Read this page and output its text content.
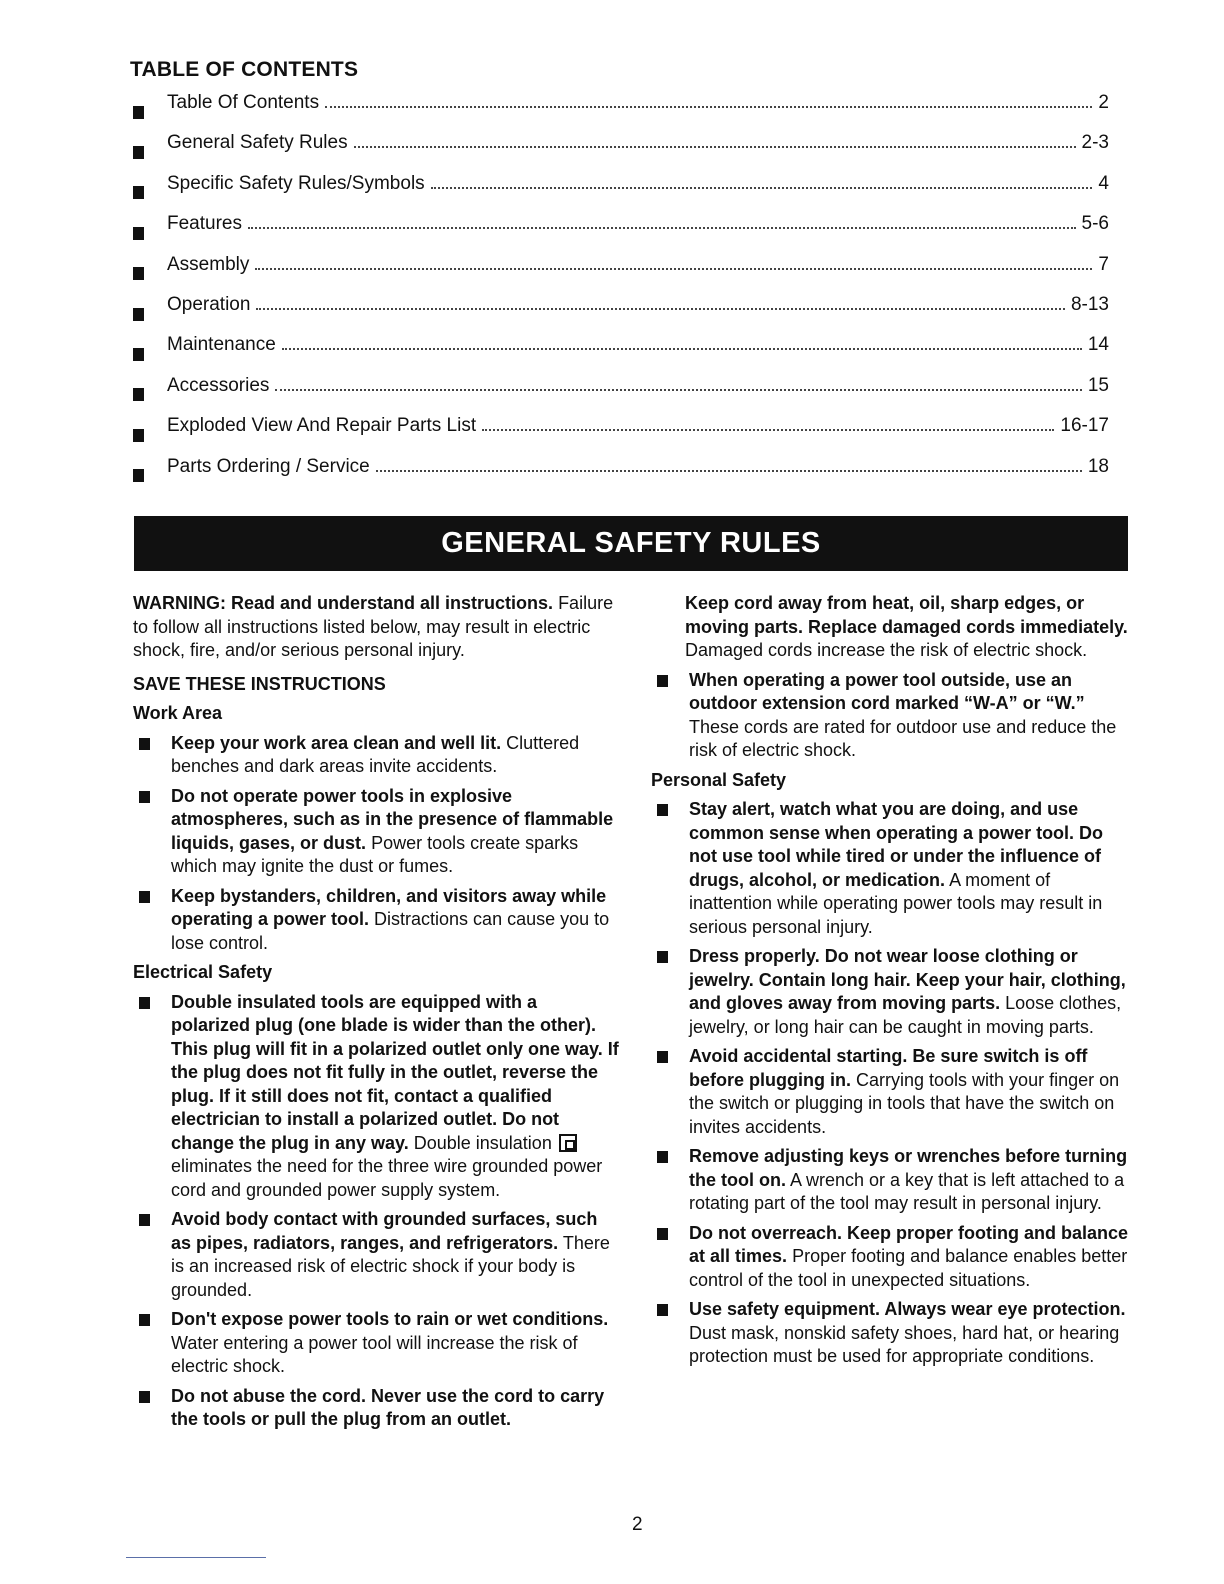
TABLE OF CONTENTS
Table Of Contents	2
General Safety Rules	2-3
Specific Safety Rules/Symbols	4
Features	5-6
Assembly	7
Operation	8-13
Maintenance	14
Accessories	15
Exploded View And Repair Parts List	16-17
Parts Ordering / Service	18
GENERAL SAFETY RULES

WARNING: Read and understand all instructions. Failure to follow all instructions listed below, may result in electric shock, fire, and/or serious personal injury.

SAVE THESE INSTRUCTIONS

Work Area

Keep your work area clean and well lit. Cluttered benches and dark areas invite accidents.
Do not operate power tools in explosive atmospheres, such as in the presence of flammable liquids, gases, or dust. Power tools create sparks which may ignite the dust or fumes.
Keep bystanders, children, and visitors away while operating a power tool. Distractions can cause you to lose control.

Electrical Safety

Double insulated tools are equipped with a polarized plug (one blade is wider than the other). This plug will fit in a polarized outlet only one way. If the plug does not fit fully in the outlet, reverse the plug. If it still does not fit, contact a qualified electrician to install a polarized outlet. Do not change the plug in any way. Double insulation  eliminates the need for the three wire grounded power cord and grounded power supply system.
Avoid body contact with grounded surfaces, such as pipes, radiators, ranges, and refrigerators. There is an increased risk of electric shock if your body is grounded.
Don't expose power tools to rain or wet conditions. Water entering a power tool will increase the risk of electric shock.
Do not abuse the cord. Never use the cord to carry the tools or pull the plug from an outlet.
Keep cord away from heat, oil, sharp edges, or moving parts. Replace damaged cords immediately. Damaged cords increase the risk of electric shock.
When operating a power tool outside, use an outdoor extension cord marked “W-A” or “W.” These cords are rated for outdoor use and reduce the risk of electric shock.

Personal Safety

Stay alert, watch what you are doing, and use common sense when operating a power tool. Do not use tool while tired or under the influence of drugs, alcohol, or medication. A moment of inattention while operating power tools may result in serious personal injury.
Dress properly. Do not wear loose clothing or jewelry. Contain long hair. Keep your hair, clothing, and gloves away from moving parts. Loose clothes, jewelry, or long hair can be caught in moving parts.
Avoid accidental starting. Be sure switch is off before plugging in. Carrying tools with your finger on the switch or plugging in tools that have the switch on invites accidents.
Remove adjusting keys or wrenches before turning the tool on. A wrench or a key that is left attached to a rotating part of the tool may result in personal injury.
Do not overreach. Keep proper footing and balance at all times. Proper footing and balance enables better control of the tool in unexpected situations.
Use safety equipment. Always wear eye protection. Dust mask, nonskid safety shoes, hard hat, or hearing protection must be used for appropriate conditions.
2
